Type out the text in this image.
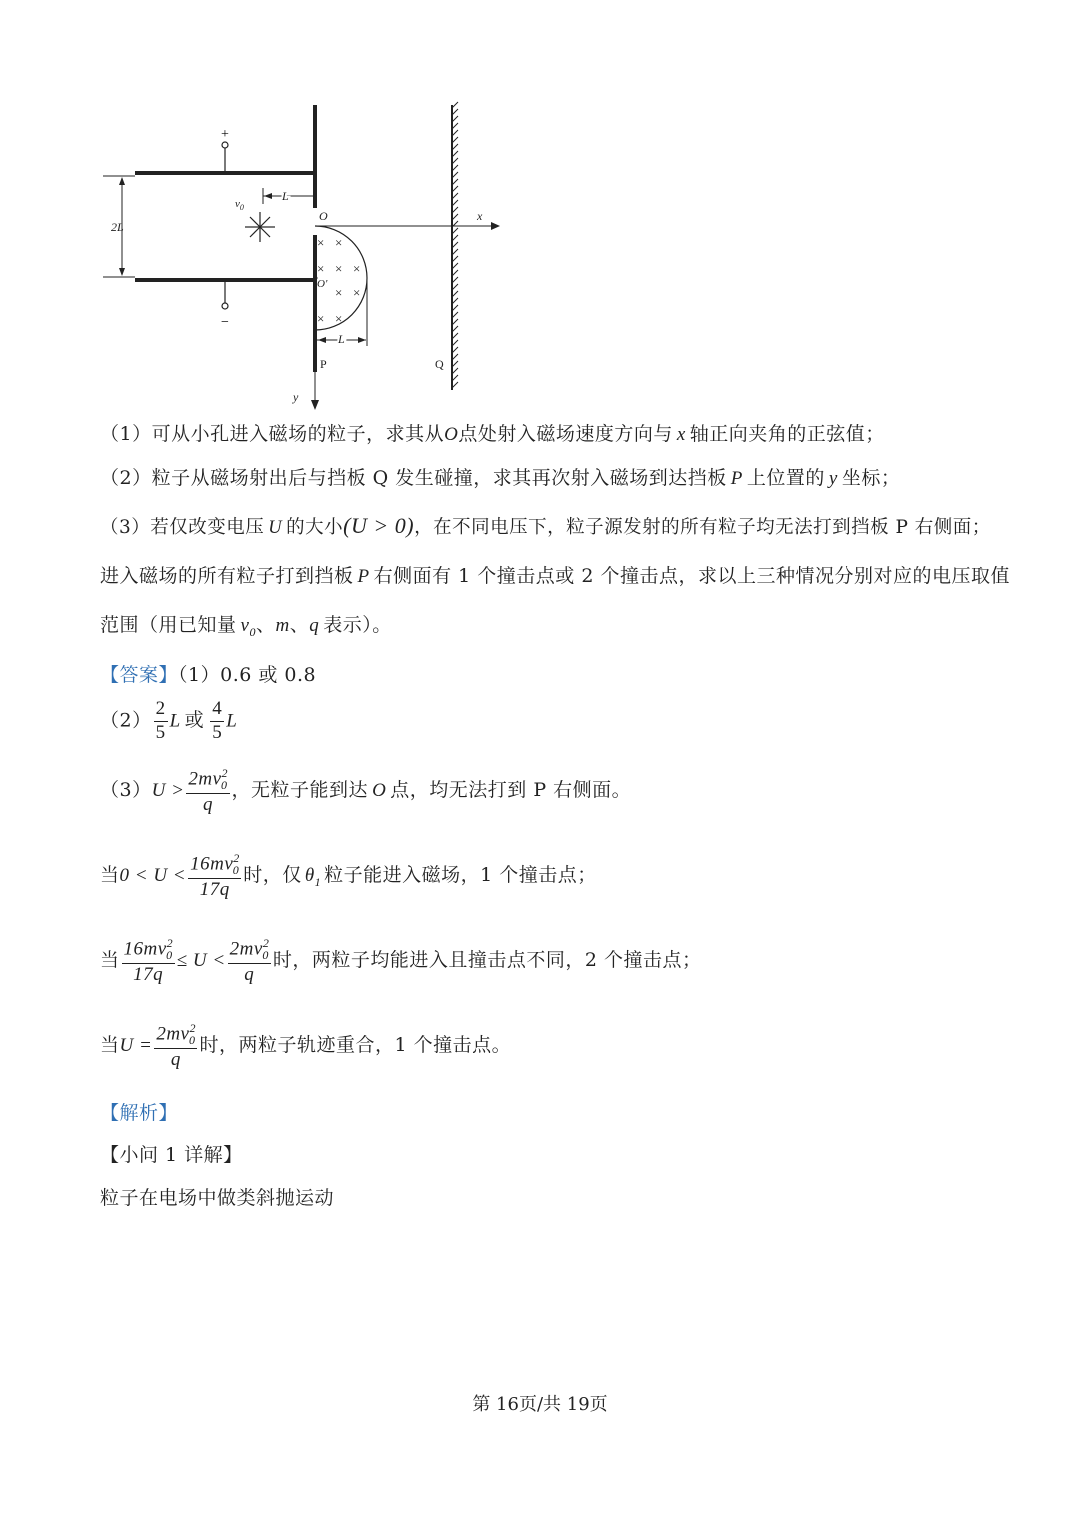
+
−
2L
$v_0$
L
O	x
y
× ×
× × ×
× ×
× ×
O'
L
P	Q
（1）可从小孔进入磁场的粒子，求其从O点处射入磁场速度方向与 x 轴正向夹角的正弦值；
（2）粒子从磁场射出后与挡板 Q 发生碰撞，求其再次射入磁场到达挡板 P 上位置的 y 坐标；
（3）若仅改变电压 U 的大小(U > 0)，在不同电压下，粒子源发射的所有粒子均无法打到挡板 P 右侧面；
进入磁场的所有粒子打到挡板 P 右侧面有 1 个撞击点或 2 个撞击点，求以上三种情况分别对应的电压取值
范围（用已知量 $v_0$、m、q 表示）。
【答案】（1）0.6 或 0.8
$(2) \frac{2}{5}$ L 或 $\frac{4}{5}$ L
$(3)U > \frac{2mv^2_0}{q}$ ，无粒子能到达 O 点，均无法打到 P 右侧面。
当$0 < U < \frac{16mv^2_0}{17q}$ 时，仅 $\theta_1$ 粒子能进入磁场，1 个撞击点；
当 $\frac{16mv^2_0}{17q} \le U < \frac{2mv^2_0}{q}$ 时，两粒子均能进入且撞击点不同，2 个撞击点；
当$U = \frac{2mv^2_0}{q}$ 时，两粒子轨迹重合，1 个撞击点。
【解析】
【小问 1 详解】
粒子在电场中做类斜抛运动
第 16页/共 19页
